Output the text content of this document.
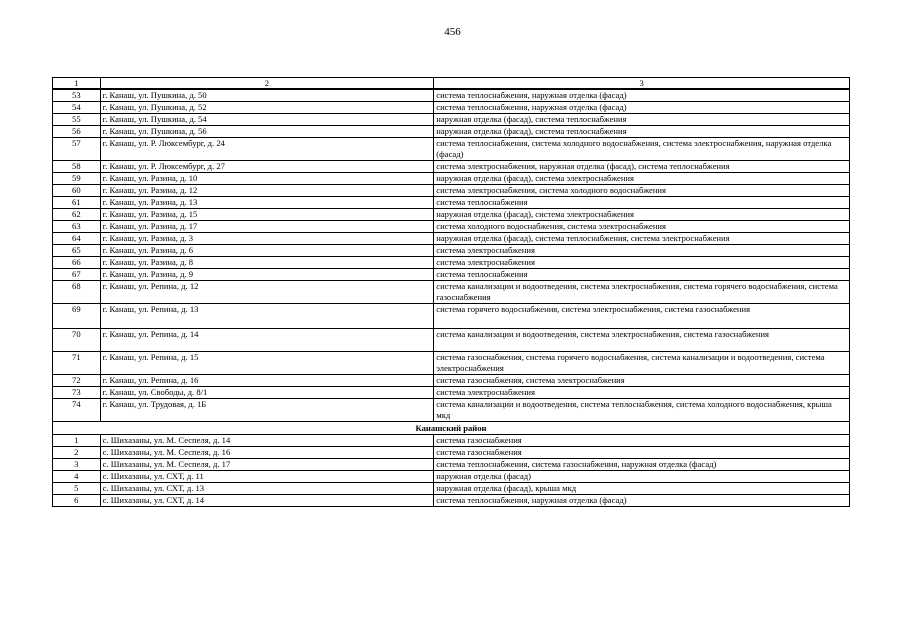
456
1	2	3
53	г. Канаш, ул. Пушкина, д. 50	система теплоснабжения, наружная отделка (фасад)
54	г. Канаш, ул. Пушкина, д. 52	система теплоснабжения, наружная отделка (фасад)
55	г. Канаш, ул. Пушкина, д. 54	наружная отделка (фасад), система теплоснабжения
56	г. Канаш, ул. Пушкина, д. 56	наружная отделка (фасад), система теплоснабжения
57	г. Канаш, ул. Р. Люксембург, д. 24	система теплоснабжения, система холодного водоснабжения, система электроснабжения, наружная отделка (фасад)
58	г. Канаш, ул. Р. Люксембург, д. 27	система электроснабжения, наружная отделка (фасад), система теплоснабжения
59	г. Канаш, ул. Разина, д. 10	наружная отделка (фасад), система электроснабжения
60	г. Канаш, ул. Разина, д. 12	система электроснабжения, система холодного водоснабжения
61	г. Канаш, ул. Разина, д. 13	система теплоснабжения
62	г. Канаш, ул. Разина, д. 15	наружная отделка (фасад), система электроснабжения
63	г. Канаш, ул. Разина, д. 17	система холодного водоснабжения, система электроснабжения
64	г. Канаш, ул. Разина, д. 3	наружная отделка (фасад), система теплоснабжения, система электроснабжения
65	г. Канаш, ул. Разина, д. 6	система электроснабжения
66	г. Канаш, ул. Разина, д. 8	система электроснабжения
67	г. Канаш, ул. Разина, д. 9	система теплоснабжения
68	г. Канаш, ул. Репина, д. 12	система канализации и водоотведения, система электроснабжения, система горячего водоснабжения, система газоснабжения
69	г. Канаш, ул. Репина, д. 13	система горячего водоснабжения, система электроснабжения, система газоснабжения
70	г. Канаш, ул. Репина, д. 14	система канализации и водоотведения, система электроснабжения, система газоснабжения
71	г. Канаш, ул. Репина, д. 15	система газоснабжения, система горячего водоснабжения, система канализации и водоотведения, система электроснабжения
72	г. Канаш, ул. Репина, д. 16	система газоснабжения, система электроснабжения
73	г. Канаш, ул. Свободы, д. 8/1	система электроснабжения
74	г. Канаш, ул. Трудовая, д. 1Б	система канализации и водоотведения, система теплоснабжения, система холодного водоснабжения, крыша мкд
Канашский район		
1	с. Шихазаны, ул. М. Сеспеля, д. 14	система газоснабжения
2	с. Шихазаны, ул. М. Сеспеля, д. 16	система газоснабжения
3	с. Шихазаны, ул. М. Сеспеля, д. 17	система теплоснабжения, система газоснабжения, наружная отделка (фасад)
4	с. Шихазаны, ул. СХТ, д. 11	наружная отделка (фасад)
5	с. Шихазаны, ул. СХТ, д. 13	наружная отделка (фасад), крыша мкд
6	с. Шихазаны, ул. СХТ, д. 14	система теплоснабжения, наружная отделка (фасад)
